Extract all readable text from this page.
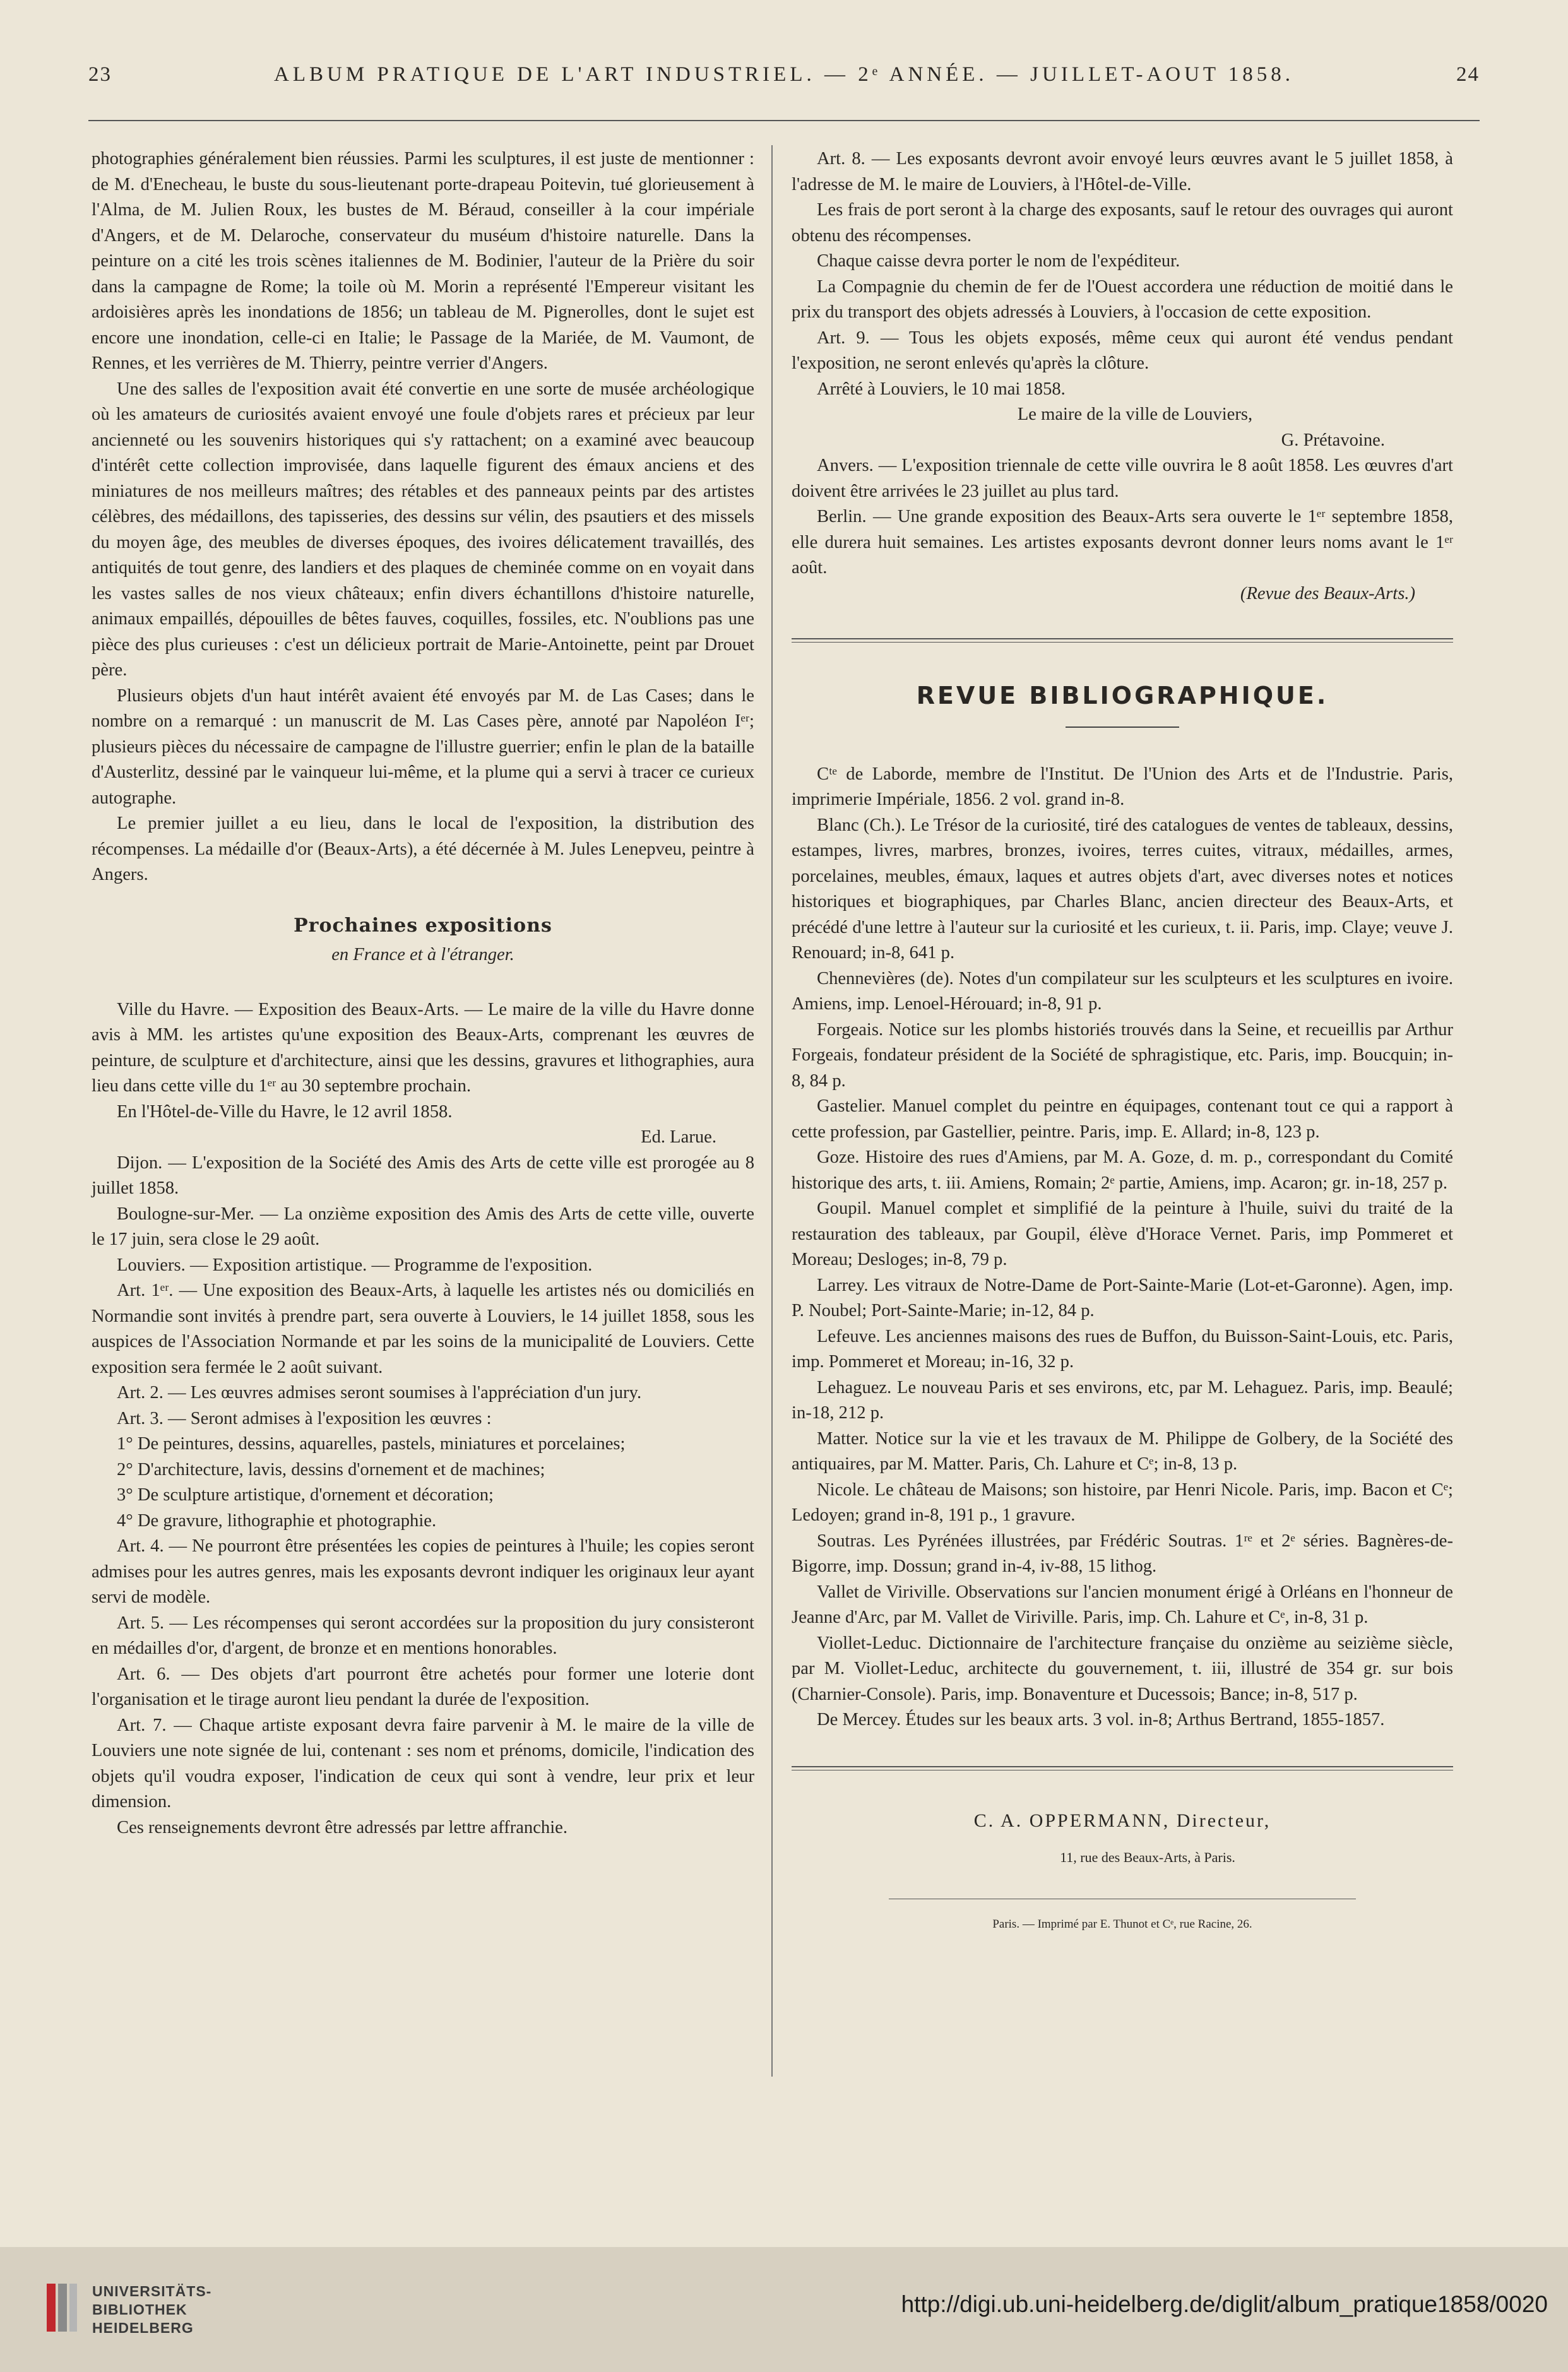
23	ALBUM PRATIQUE DE L'ART INDUSTRIEL. — 2ᵉ ANNÉE. — JUILLET-AOUT 1858.	24

photographies généralement bien réussies. Parmi les sculptures, il est juste de mentionner : de M. d'Enecheau, le buste du sous-lieutenant porte-drapeau Poitevin, tué glorieusement à l'Alma, de M. Julien Roux, les bustes de M. Béraud, conseiller à la cour impériale d'Angers, et de M. Delaroche, conservateur du muséum d'histoire naturelle. Dans la peinture on a cité les trois scènes italiennes de M. Bodinier, l'auteur de la Prière du soir dans la campagne de Rome; la toile où M. Morin a représenté l'Empereur visitant les ardoisières après les inondations de 1856; un tableau de M. Pignerolles, dont le sujet est encore une inondation, celle-ci en Italie; le Passage de la Mariée, de M. Vaumont, de Rennes, et les verrières de M. Thierry, peintre verrier d'Angers.

Une des salles de l'exposition avait été convertie en une sorte de musée archéologique où les amateurs de curiosités avaient envoyé une foule d'objets rares et précieux par leur ancienneté ou les souvenirs historiques qui s'y rattachent; on a examiné avec beaucoup d'intérêt cette collection improvisée, dans laquelle figurent des émaux anciens et des miniatures de nos meilleurs maîtres; des rétables et des panneaux peints par des artistes célèbres, des médaillons, des tapisseries, des dessins sur vélin, des psautiers et des missels du moyen âge, des meubles de diverses époques, des ivoires délicatement travaillés, des antiquités de tout genre, des landiers et des plaques de cheminée comme on en voyait dans les vastes salles de nos vieux châteaux; enfin divers échantillons d'histoire naturelle, animaux empaillés, dépouilles de bêtes fauves, coquilles, fossiles, etc. N'oublions pas une pièce des plus curieuses : c'est un délicieux portrait de Marie-Antoinette, peint par Drouet père.

Plusieurs objets d'un haut intérêt avaient été envoyés par M. de Las Cases; dans le nombre on a remarqué : un manuscrit de M. Las Cases père, annoté par Napoléon Iᵉʳ; plusieurs pièces du nécessaire de campagne de l'illustre guerrier; enfin le plan de la bataille d'Austerlitz, dessiné par le vainqueur lui-même, et la plume qui a servi à tracer ce curieux autographe.

Le premier juillet a eu lieu, dans le local de l'exposition, la distribution des récompenses. La médaille d'or (Beaux-Arts), a été décernée à M. Jules Lenepveu, peintre à Angers.

Prochaines expositions
en France et à l'étranger.

Ville du Havre. — Exposition des Beaux-Arts. — Le maire de la ville du Havre donne avis à MM. les artistes qu'une exposition des Beaux-Arts, comprenant les œuvres de peinture, de sculpture et d'architecture, ainsi que les dessins, gravures et lithographies, aura lieu dans cette ville du 1ᵉʳ au 30 septembre prochain.

En l'Hôtel-de-Ville du Havre, le 12 avril 1858.

Ed. Larue.

Dijon. — L'exposition de la Société des Amis des Arts de cette ville est prorogée au 8 juillet 1858.

Boulogne-sur-Mer. — La onzième exposition des Amis des Arts de cette ville, ouverte le 17 juin, sera close le 29 août.

Louviers. — Exposition artistique. — Programme de l'exposition.

Art. 1ᵉʳ. — Une exposition des Beaux-Arts, à laquelle les artistes nés ou domiciliés en Normandie sont invités à prendre part, sera ouverte à Louviers, le 14 juillet 1858, sous les auspices de l'Association Normande et par les soins de la municipalité de Louviers. Cette exposition sera fermée le 2 août suivant.

Art. 2. — Les œuvres admises seront soumises à l'appréciation d'un jury.

Art. 3. — Seront admises à l'exposition les œuvres :

1° De peintures, dessins, aquarelles, pastels, miniatures et porcelaines;

2° D'architecture, lavis, dessins d'ornement et de machines;

3° De sculpture artistique, d'ornement et décoration;

4° De gravure, lithographie et photographie.

Art. 4. — Ne pourront être présentées les copies de peintures à l'huile; les copies seront admises pour les autres genres, mais les exposants devront indiquer les originaux leur ayant servi de modèle.

Art. 5. — Les récompenses qui seront accordées sur la proposition du jury consisteront en médailles d'or, d'argent, de bronze et en mentions honorables.

Art. 6. — Des objets d'art pourront être achetés pour former une loterie dont l'organisation et le tirage auront lieu pendant la durée de l'exposition.

Art. 7. — Chaque artiste exposant devra faire parvenir à M. le maire de la ville de Louviers une note signée de lui, contenant : ses nom et prénoms, domicile, l'indication des objets qu'il voudra exposer, l'indication de ceux qui sont à vendre, leur prix et leur dimension.

Ces renseignements devront être adressés par lettre affranchie.

Art. 8. — Les exposants devront avoir envoyé leurs œuvres avant le 5 juillet 1858, à l'adresse de M. le maire de Louviers, à l'Hôtel-de-Ville.

Les frais de port seront à la charge des exposants, sauf le retour des ouvrages qui auront obtenu des récompenses.

Chaque caisse devra porter le nom de l'expéditeur.

La Compagnie du chemin de fer de l'Ouest accordera une réduction de moitié dans le prix du transport des objets adressés à Louviers, à l'occasion de cette exposition.

Art. 9. — Tous les objets exposés, même ceux qui auront été vendus pendant l'exposition, ne seront enlevés qu'après la clôture.

Arrêté à Louviers, le 10 mai 1858.

Le maire de la ville de Louviers,

G. Prétavoine.

Anvers. — L'exposition triennale de cette ville ouvrira le 8 août 1858. Les œuvres d'art doivent être arrivées le 23 juillet au plus tard.

Berlin. — Une grande exposition des Beaux-Arts sera ouverte le 1ᵉʳ septembre 1858, elle durera huit semaines. Les artistes exposants devront donner leurs noms avant le 1ᵉʳ août.

(Revue des Beaux-Arts.)

REVUE BIBLIOGRAPHIQUE.

Cᵗᵉ de Laborde, membre de l'Institut. De l'Union des Arts et de l'Industrie. Paris, imprimerie Impériale, 1856. 2 vol. grand in-8.

Blanc (Ch.). Le Trésor de la curiosité, tiré des catalogues de ventes de tableaux, dessins, estampes, livres, marbres, bronzes, ivoires, terres cuites, vitraux, médailles, armes, porcelaines, meubles, émaux, laques et autres objets d'art, avec diverses notes et notices historiques et biographiques, par Charles Blanc, ancien directeur des Beaux-Arts, et précédé d'une lettre à l'auteur sur la curiosité et les curieux, t. ii. Paris, imp. Claye; veuve J. Renouard; in-8, 641 p.

Chennevières (de). Notes d'un compilateur sur les sculpteurs et les sculptures en ivoire. Amiens, imp. Lenoel-Hérouard; in-8, 91 p.

Forgeais. Notice sur les plombs historiés trouvés dans la Seine, et recueillis par Arthur Forgeais, fondateur président de la Société de sphragistique, etc. Paris, imp. Boucquin; in-8, 84 p.

Gastelier. Manuel complet du peintre en équipages, contenant tout ce qui a rapport à cette profession, par Gastellier, peintre. Paris, imp. E. Allard; in-8, 123 p.

Goze. Histoire des rues d'Amiens, par M. A. Goze, d. m. p., correspondant du Comité historique des arts, t. iii. Amiens, Romain; 2ᵉ partie, Amiens, imp. Acaron; gr. in-18, 257 p.

Goupil. Manuel complet et simplifié de la peinture à l'huile, suivi du traité de la restauration des tableaux, par Goupil, élève d'Horace Vernet. Paris, imp Pommeret et Moreau; Desloges; in-8, 79 p.

Larrey. Les vitraux de Notre-Dame de Port-Sainte-Marie (Lot-et-Garonne). Agen, imp. P. Noubel; Port-Sainte-Marie; in-12, 84 p.

Lefeuve. Les anciennes maisons des rues de Buffon, du Buisson-Saint-Louis, etc. Paris, imp. Pommeret et Moreau; in-16, 32 p.

Lehaguez. Le nouveau Paris et ses environs, etc, par M. Lehaguez. Paris, imp. Beaulé; in-18, 212 p.

Matter. Notice sur la vie et les travaux de M. Philippe de Golbery, de la Société des antiquaires, par M. Matter. Paris, Ch. Lahure et Cᵉ; in-8, 13 p.

Nicole. Le château de Maisons; son histoire, par Henri Nicole. Paris, imp. Bacon et Cᵉ; Ledoyen; grand in-8, 191 p., 1 gravure.

Soutras. Les Pyrénées illustrées, par Frédéric Soutras. 1ʳᵉ et 2ᵉ séries. Bagnères-de-Bigorre, imp. Dossun; grand in-4, iv-88, 15 lithog.

Vallet de Viriville. Observations sur l'ancien monument érigé à Orléans en l'honneur de Jeanne d'Arc, par M. Vallet de Viriville. Paris, imp. Ch. Lahure et Cᵉ, in-8, 31 p.

Viollet-Leduc. Dictionnaire de l'architecture française du onzième au seizième siècle, par M. Viollet-Leduc, architecte du gouvernement, t. iii, illustré de 354 gr. sur bois (Charnier-Console). Paris, imp. Bonaventure et Ducessois; Bance; in-8, 517 p.

De Mercey. Études sur les beaux arts. 3 vol. in-8; Arthus Bertrand, 1855-1857.

C. A. OPPERMANN, Directeur,
11, rue des Beaux-Arts, à Paris.
Paris. — Imprimé par E. Thunot et Cᵉ, rue Racine, 26.
UNIVERSITÄTS-
BIBLIOTHEK
HEIDELBERG
http://digi.ub.uni-heidelberg.de/diglit/album_pratique1858/0020
